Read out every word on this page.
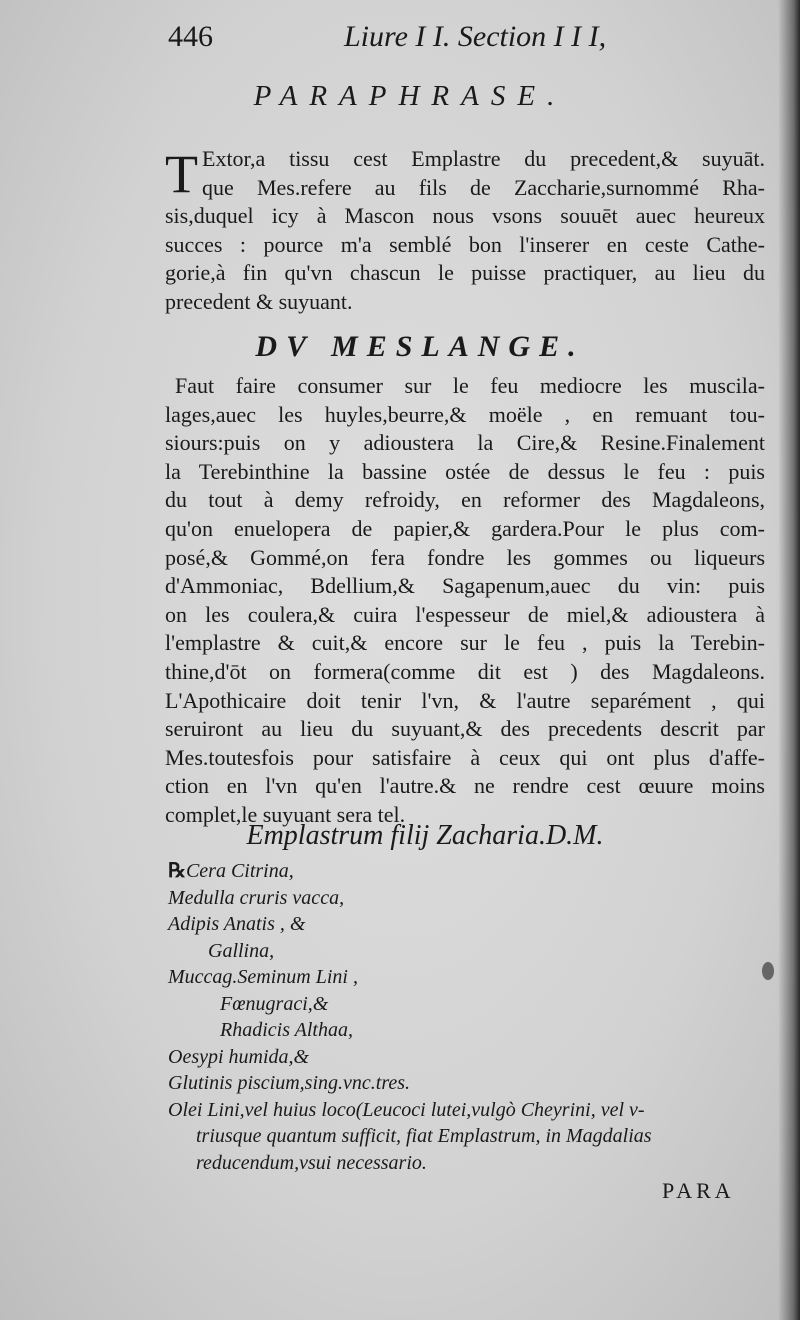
446	Liure I I. Section I I I,
PARAPHRASE.
T Extor,a tissu cest Emplastre du precedent,& suyuāt.
que Mes.refere au fils de Zaccharie,surnommé Rha-
sis,duquel icy à Mascon nous vsons souuēt auec heureux
succes : pource m'a semblé bon l'inserer en ceste Cathe-
gorie,à fin qu'vn chascun le puisse practiquer, au lieu du
precedent & suyuant.
DV MESLANGE.
Faut faire consumer sur le feu mediocre les muscila-
lages,auec les huyles,beurre,& moële , en remuant tou-
siours:puis on y adioustera la Cire,& Resine.Finalement
la Terebinthine la bassine ostée de dessus le feu : puis
du tout à demy refroidy, en reformer des Magdaleons,
qu'on enuelopera de papier,& gardera.Pour le plus com-
posé,& Gommé,on fera fondre les gommes ou liqueurs
d'Ammoniac, Bdellium,& Sagapenum,auec du vin: puis
on les coulera,& cuira l'espesseur de miel,& adioustera à
l'emplastre & cuit,& encore sur le feu , puis la Terebin-
thine,d'ōt on formera(comme dit est ) des Magdaleons.
L'Apothicaire doit tenir l'vn, & l'autre separément , qui
seruiront au lieu du suyuant,& des precedents descrit par
Mes.toutesfois pour satisfaire à ceux qui ont plus d'affe-
ction en l'vn qu'en l'autre.& ne rendre cest œuure moins
complet,le suyuant sera tel.
Emplastrum filij Zacharia.D.M.
℞Cera Citrina,
Medulla cruris vacca,
Adipis Anatis , &
Gallina,
Muccag.Seminum Lini ,
Fœnugraci,&
Rhadicis Althaa,
Oesypi humida,&
Glutinis piscium,sing.vnc.tres.
Olei Lini,vel huius loco(Leucoci lutei,vulgò Cheyrini, vel v-
triusque quantum sufficit, fiat Emplastrum, in Magdalias
reducendum,vsui necessario.
PARA
